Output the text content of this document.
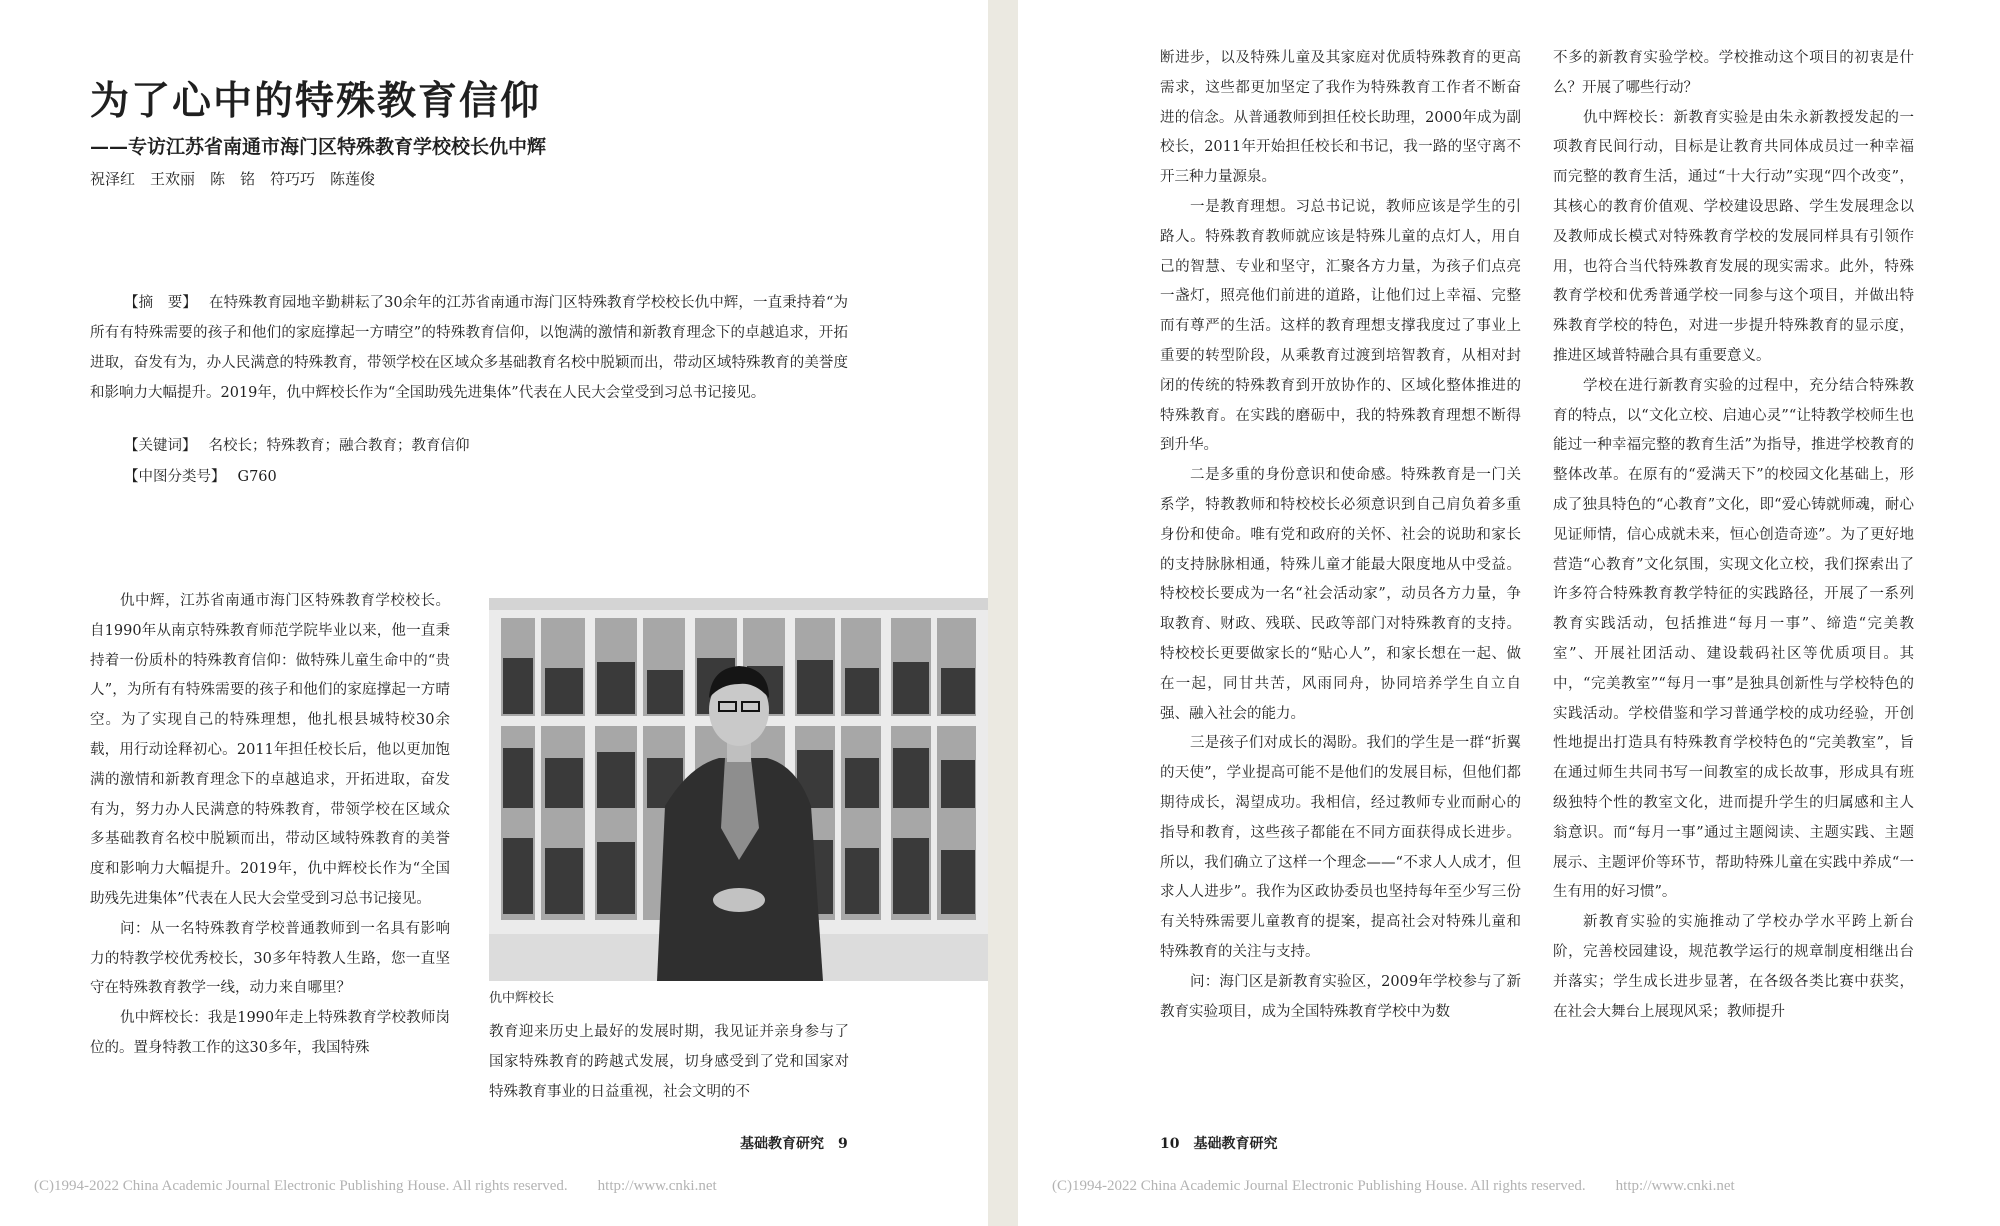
为了心中的特殊教育信仰
——专访江苏省南通市海门区特殊教育学校校长仇中辉

祝泽红　王欢丽　陈　铭　符巧巧　陈莲俊

【摘　要】 在特殊教育园地辛勤耕耘了30余年的江苏省南通市海门区特殊教育学校校长仇中辉，一直秉持着“为所有有特殊需要的孩子和他们的家庭撑起一方晴空”的特殊教育信仰，以饱满的激情和新教育理念下的卓越追求，开拓进取，奋发有为，办人民满意的特殊教育，带领学校在区域众多基础教育名校中脱颖而出，带动区域特殊教育的美誉度和影响力大幅提升。2019年，仇中辉校长作为“全国助残先进集体”代表在人民大会堂受到习总书记接见。

【关键词】 名校长；特殊教育；融合教育；教育信仰

【中图分类号】 G760

仇中辉，江苏省南通市海门区特殊教育学校校长。自1990年从南京特殊教育师范学院毕业以来，他一直秉持着一份质朴的特殊教育信仰：做特殊儿童生命中的“贵人”，为所有有特殊需要的孩子和他们的家庭撑起一方晴空。为了实现自己的特殊理想，他扎根县城特校30余载，用行动诠释初心。2011年担任校长后，他以更加饱满的激情和新教育理念下的卓越追求，开拓进取，奋发有为，努力办人民满意的特殊教育，带领学校在区域众多基础教育名校中脱颖而出，带动区域特殊教育的美誉度和影响力大幅提升。2019年，仇中辉校长作为“全国助残先进集体”代表在人民大会堂受到习总书记接见。

问：从一名特殊教育学校普通教师到一名具有影响力的特教学校优秀校长，30多年特教人生路，您一直坚守在特殊教育教学一线，动力来自哪里？

仇中辉校长：我是1990年走上特殊教育学校教师岗位的。置身特教工作的这30多年，我国特殊

仇中辉校长

教育迎来历史上最好的发展时期，我见证并亲身参与了国家特殊教育的跨越式发展，切身感受到了党和国家对特殊教育事业的日益重视，社会文明的不

基础教育研究　9

(C)1994-2022 China Academic Journal Electronic Publishing House. All rights reserved.　　http://www.cnki.net

断进步，以及特殊儿童及其家庭对优质特殊教育的更高需求，这些都更加坚定了我作为特殊教育工作者不断奋进的信念。从普通教师到担任校长助理，2000年成为副校长，2011年开始担任校长和书记，我一路的坚守离不开三种力量源泉。

一是教育理想。习总书记说，教师应该是学生的引路人。特殊教育教师就应该是特殊儿童的点灯人，用自己的智慧、专业和坚守，汇聚各方力量，为孩子们点亮一盏灯，照亮他们前进的道路，让他们过上幸福、完整而有尊严的生活。这样的教育理想支撑我度过了事业上重要的转型阶段，从乘教育过渡到培智教育，从相对封闭的传统的特殊教育到开放协作的、区域化整体推进的特殊教育。在实践的磨砺中，我的特殊教育理想不断得到升华。

二是多重的身份意识和使命感。特殊教育是一门关系学，特教教师和特校校长必须意识到自己肩负着多重身份和使命。唯有党和政府的关怀、社会的说助和家长的支持脉脉相通，特殊儿童才能最大限度地从中受益。特校校长要成为一名“社会活动家”，动员各方力量，争取教育、财政、残联、民政等部门对特殊教育的支持。特校校长更要做家长的“贴心人”，和家长想在一起、做在一起，同甘共苦，风雨同舟，协同培养学生自立自强、融入社会的能力。

三是孩子们对成长的渴盼。我们的学生是一群“折翼的天使”，学业提高可能不是他们的发展目标，但他们都期待成长，渴望成功。我相信，经过教师专业而耐心的指导和教育，这些孩子都能在不同方面获得成长进步。所以，我们确立了这样一个理念——“不求人人成才，但求人人进步”。我作为区政协委员也坚持每年至少写三份有关特殊需要儿童教育的提案，提高社会对特殊儿童和特殊教育的关注与支持。

问：海门区是新教育实验区，2009年学校参与了新教育实验项目，成为全国特殊教育学校中为数

不多的新教育实验学校。学校推动这个项目的初衷是什么？开展了哪些行动？

仇中辉校长：新教育实验是由朱永新教授发起的一项教育民间行动，目标是让教育共同体成员过一种幸福而完整的教育生活，通过“十大行动”实现“四个改变”，其核心的教育价值观、学校建设思路、学生发展理念以及教师成长模式对特殊教育学校的发展同样具有引领作用，也符合当代特殊教育发展的现实需求。此外，特殊教育学校和优秀普通学校一同参与这个项目，并做出特殊教育学校的特色，对进一步提升特殊教育的显示度，推进区域普特融合具有重要意义。

学校在进行新教育实验的过程中，充分结合特殊教育的特点，以“文化立校、启迪心灵”“让特教学校师生也能过一种幸福完整的教育生活”为指导，推进学校教育的整体改革。在原有的“爱满天下”的校园文化基础上，形成了独具特色的“心教育”文化，即“爱心铸就师魂，耐心见证师情，信心成就未来，恒心创造奇迹”。为了更好地营造“心教育”文化氛围，实现文化立校，我们探索出了许多符合特殊教育教学特征的实践路径，开展了一系列教育实践活动，包括推进“每月一事”、缔造“完美教室”、开展社团活动、建设载码社区等优质项目。其中，“完美教室”“每月一事”是独具创新性与学校特色的实践活动。学校借鉴和学习普通学校的成功经验，开创性地提出打造具有特殊教育学校特色的“完美教室”，旨在通过师生共同书写一间教室的成长故事，形成具有班级独特个性的教室文化，进而提升学生的归属感和主人翁意识。而“每月一事”通过主题阅读、主题实践、主题展示、主题评价等环节，帮助特殊儿童在实践中养成“一生有用的好习惯”。

新教育实验的实施推动了学校办学水平跨上新台阶，完善校园建设，规范教学运行的规章制度相继出台并落实；学生成长进步显著，在各级各类比赛中获奖，在社会大舞台上展现风采；教师提升

10　基础教育研究

(C)1994-2022 China Academic Journal Electronic Publishing House. All rights reserved.　　http://www.cnki.net
